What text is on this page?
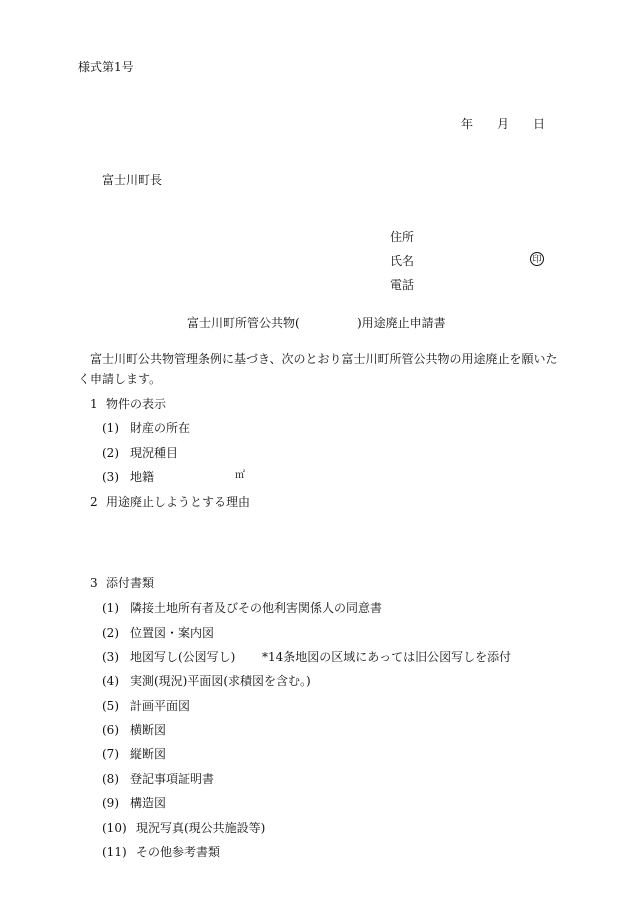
様式第1号
年 月 日
富士川町長
住所
氏名	印
電話
富士川町所管公共物(	)用途廃止申請書
富士川町公共物管理条例に基づき、次のとおり富士川町所管公共物の用途廃止を願いた
く申請します。
1 物件の表示
(1) 財産の所在
(2) 現況種目
(3) 地籍	㎡
2 用途廃止しようとする理由
3 添付書類
(1) 隣接土地所有者及びその他利害関係人の同意書
(2) 位置図・案内図
(3) 地図写し(公図写し) *14条地図の区域にあっては旧公図写しを添付
(4) 実測(現況)平面図(求積図を含む。)
(5) 計画平面図
(6) 横断図
(7) 縦断図
(8) 登記事項証明書
(9) 構造図
(10) 現況写真(現公共施設等)
(11) その他参考書類
